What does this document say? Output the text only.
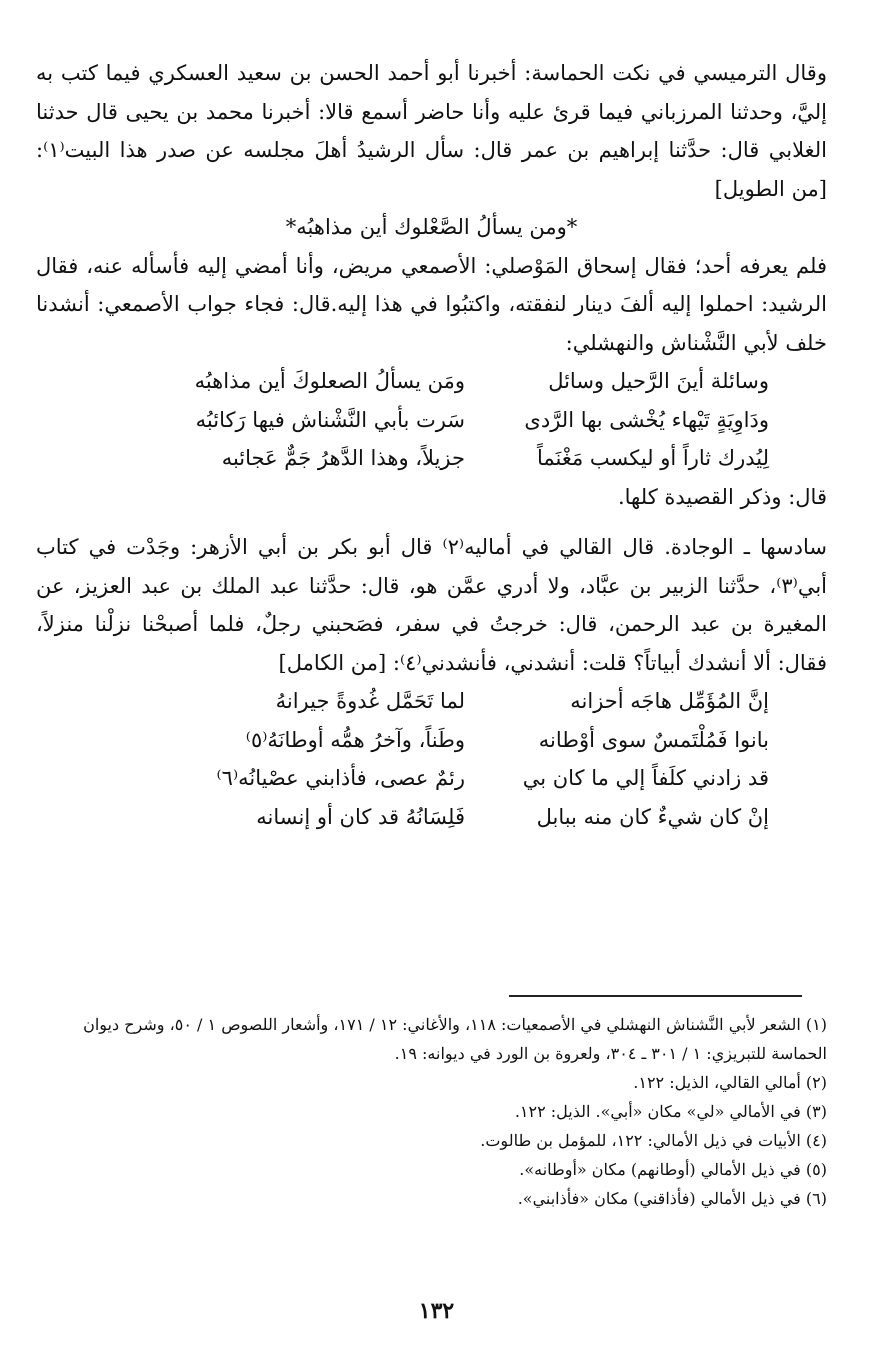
وقال الترميسي في نكت الحماسة: أخبرنا أبو أحمد الحسن بن سعيد العسكري فيما كتب به إليَّ، وحدثنا المرزباني فيما قرئ عليه وأنا حاضر أسمع قالا: أخبرنا محمد بن يحيى قال حدثنا الغلابي قال: حدَّثنا إبراهيم بن عمر قال: سأل الرشيدُ أهلَ مجلسه عن صدر هذا البيت⁽١⁾: [من الطويل]

*ومن يسألُ الصَّعْلوك أين مذاهبُه*

فلم يعرفه أحد؛ فقال إسحاق المَوْصلي: الأصمعي مريض، وأنا أمضي إليه فأسأله عنه، فقال الرشيد: احملوا إليه ألفَ دينار لنفقته، واكتبُوا في هذا إليه.قال: فجاء جواب الأصمعي: أنشدنا خلف لأبي النَّشْناش والنهشلي:

وسائلة أينَ الرَّحيل وسائل
ومَن يسألُ الصعلوكَ أين مذاهبُه
ودَاوِيَةٍ تَيْهاء يُخْشى بها الرَّدى
سَرت بأبي النَّشْناش فيها رَكائبُه
لِيُدرك ثاراً أو ليكسب مَغْنَماً
جزيلاً، وهذا الدَّهرُ جَمٌّ عَجائبه

قال: وذكر القصيدة كلها.

سادسها ـ الوجادة. قال القالي في أماليه⁽٢⁾ قال أبو بكر بن أبي الأزهر: وجَدْت في كتاب أبي⁽٣⁾، حدَّثنا الزبير بن عبَّاد، ولا أدري عمَّن هو، قال: حدَّثنا عبد الملك بن عبد العزيز، عن المغيرة بن عبد الرحمن، قال: خرجتُ في سفر، فصَحبني رجلٌ، فلما أصبحْنا نزلْنا منزلاً، فقال: ألا أنشدك أبياتاً؟ قلت: أنشدني، فأنشدني⁽٤⁾: [من الكامل]

إنَّ المُؤَمِّل هاجَه أحزانه
لما تَحَمَّل غُدوةً جيرانهُ
بانوا فَمُلْتَمسٌ سوى أوْطانه
وطَناً، وآخرُ همُّه أوطانَهُ⁽٥⁾
قد زادني كلَفاً إلي ما كان بي
رئمٌ عصى، فأذابني عصْيانُه⁽٦⁾
إنْ كان شيءٌ كان منه ببابل
فَلِسَانُهُ قد كان أو إنسانه

(١) الشعر لأبي النَّشناش النهشلي في الأصمعيات: ١١٨، والأغاني: ١٢ / ١٧١، وأشعار اللصوص ١ / ٥٠، وشرح ديوان الحماسة للتبريزي: ١ / ٣٠١ ـ ٣٠٤، ولعروة بن الورد في ديوانه: ١٩.

(٢) أمالي القالي، الذيل: ١٢٢.

(٣) في الأمالي «لي» مكان «أبي». الذيل: ١٢٢.

(٤) الأبيات في ذيل الأمالي: ١٢٢، للمؤمل بن طالوت.

(٥) في ذيل الأمالي (أوطانهم) مكان «أوطانه».

(٦) في ذيل الأمالي (فأذاقني) مكان «فأذابني».

١٣٢
